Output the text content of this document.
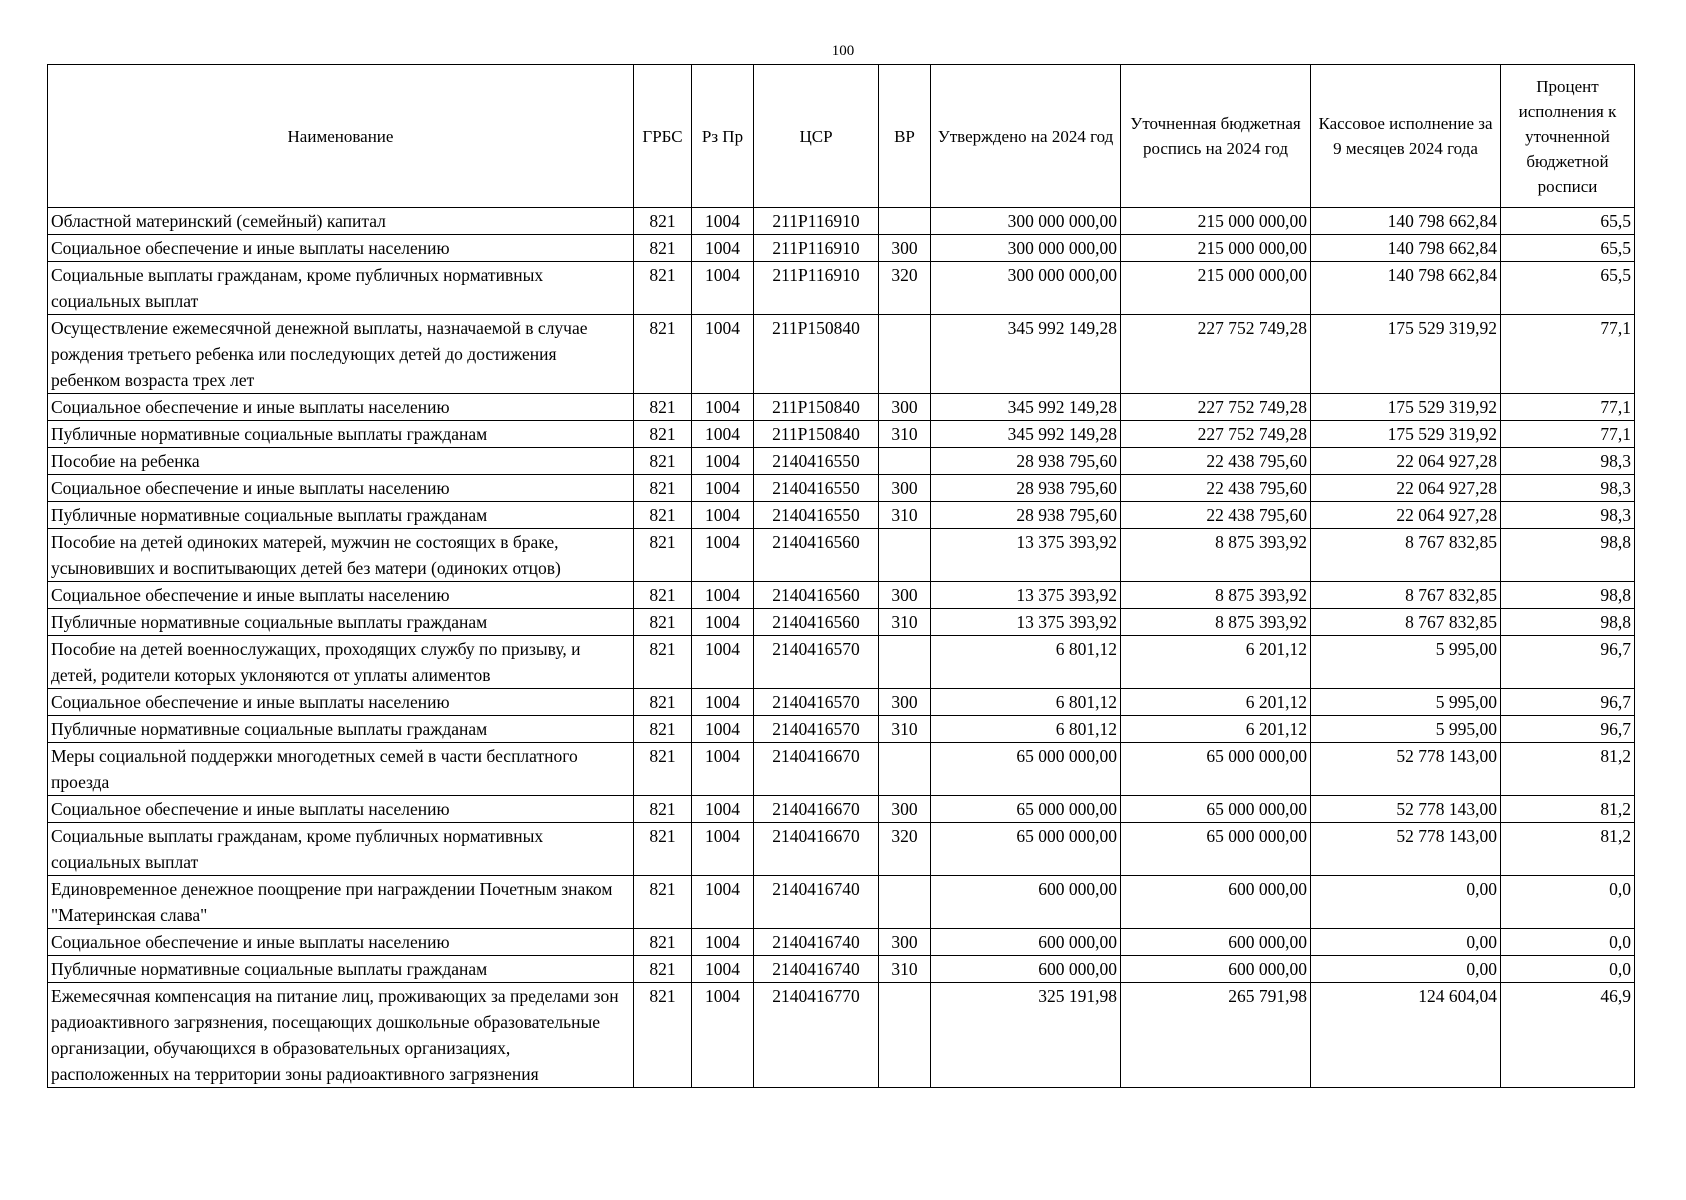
100
Наименование	ГРБС	Рз Пр	ЦСР	ВР	Утверждено на 2024 год	Уточненная бюджетная роспись на 2024 год	Кассовое исполнение за 9 месяцев 2024 года	Процент исполнения к уточненной бюджетной росписи
Областной материнский (семейный) капитал	821	1004	211P116910		300 000 000,00	215 000 000,00	140 798 662,84	65,5
Социальное обеспечение и иные выплаты населению	821	1004	211P116910	300	300 000 000,00	215 000 000,00	140 798 662,84	65,5
Социальные выплаты гражданам, кроме публичных нормативных социальных выплат	821	1004	211P116910	320	300 000 000,00	215 000 000,00	140 798 662,84	65,5
Осуществление ежемесячной денежной выплаты, назначаемой в случае рождения третьего ребенка или последующих детей до достижения ребенком возраста трех лет	821	1004	211P150840		345 992 149,28	227 752 749,28	175 529 319,92	77,1
Социальное обеспечение и иные выплаты населению	821	1004	211P150840	300	345 992 149,28	227 752 749,28	175 529 319,92	77,1
Публичные нормативные социальные выплаты гражданам	821	1004	211P150840	310	345 992 149,28	227 752 749,28	175 529 319,92	77,1
Пособие на ребенка	821	1004	2140416550		28 938 795,60	22 438 795,60	22 064 927,28	98,3
Социальное обеспечение и иные выплаты населению	821	1004	2140416550	300	28 938 795,60	22 438 795,60	22 064 927,28	98,3
Публичные нормативные социальные выплаты гражданам	821	1004	2140416550	310	28 938 795,60	22 438 795,60	22 064 927,28	98,3
Пособие на детей одиноких матерей, мужчин не состоящих в браке, усыновивших и воспитывающих детей без матери (одиноких отцов)	821	1004	2140416560		13 375 393,92	8 875 393,92	8 767 832,85	98,8
Социальное обеспечение и иные выплаты населению	821	1004	2140416560	300	13 375 393,92	8 875 393,92	8 767 832,85	98,8
Публичные нормативные социальные выплаты гражданам	821	1004	2140416560	310	13 375 393,92	8 875 393,92	8 767 832,85	98,8
Пособие на детей военнослужащих, проходящих службу по призыву, и детей, родители которых уклоняются от уплаты алиментов	821	1004	2140416570		6 801,12	6 201,12	5 995,00	96,7
Социальное обеспечение и иные выплаты населению	821	1004	2140416570	300	6 801,12	6 201,12	5 995,00	96,7
Публичные нормативные социальные выплаты гражданам	821	1004	2140416570	310	6 801,12	6 201,12	5 995,00	96,7
Меры социальной поддержки многодетных семей в части бесплатного проезда	821	1004	2140416670		65 000 000,00	65 000 000,00	52 778 143,00	81,2
Социальное обеспечение и иные выплаты населению	821	1004	2140416670	300	65 000 000,00	65 000 000,00	52 778 143,00	81,2
Социальные выплаты гражданам, кроме публичных нормативных социальных выплат	821	1004	2140416670	320	65 000 000,00	65 000 000,00	52 778 143,00	81,2
Единовременное денежное поощрение при награждении Почетным знаком "Материнская слава"	821	1004	2140416740		600 000,00	600 000,00	0,00	0,0
Социальное обеспечение и иные выплаты населению	821	1004	2140416740	300	600 000,00	600 000,00	0,00	0,0
Публичные нормативные социальные выплаты гражданам	821	1004	2140416740	310	600 000,00	600 000,00	0,00	0,0
Ежемесячная компенсация на питание лиц, проживающих за пределами зон радиоактивного загрязнения, посещающих дошкольные образовательные организации, обучающихся в образовательных организациях, расположенных на территории зоны радиоактивного загрязнения	821	1004	2140416770		325 191,98	265 791,98	124 604,04	46,9
